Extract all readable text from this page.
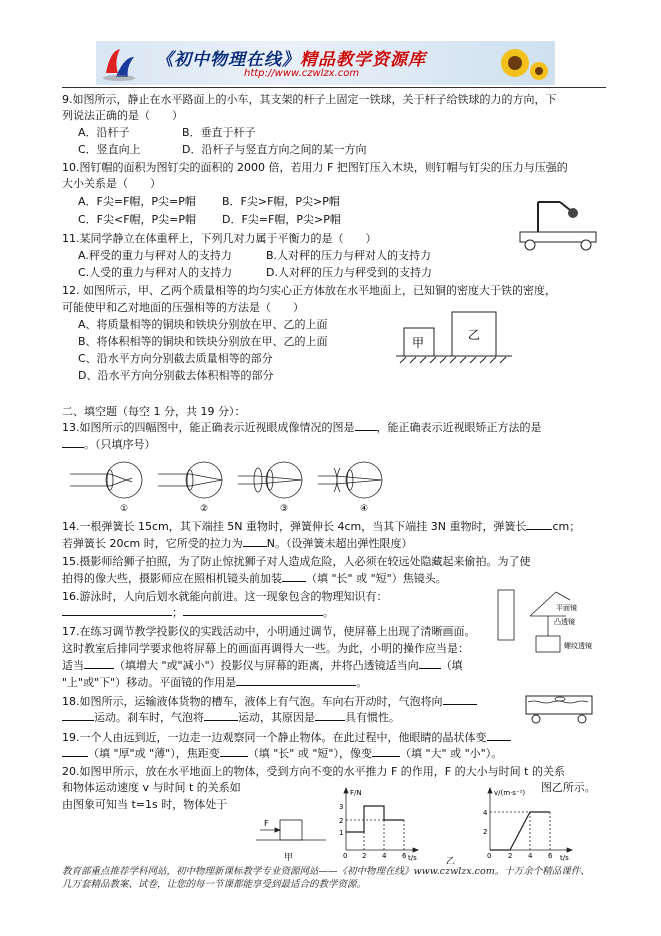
《初中物理在线》精品教学资源库
http://www.czwlzx.com
9.如图所示，静止在水平路面上的小车，其支架的杆子上固定一铁球，关于杆子给铁球的力的方向，下
列说法正确的是（　　）
A．沿杆子	B．垂直于杆子
C．竖直向上	D．沿杆子与竖直方向之间的某一方向
10.图钉帽的面积为图钉尖的面积的 2000 倍，若用力 F 把图钉压入木块，则钉帽与钉尖的压力与压强的
大小关系是（　　）
A．F尖=F帽，P尖=P帽 B．F尖>F帽，P尖>P帽
C．F尖<F帽，P尖=P帽 D．F尖=F帽，P尖>P帽
11.某同学静立在体重秤上，下列几对力属于平衡力的是（　　）
A.秤受的重力与秤对人的支持力	B.人对秤的压力与秤对人的支持力
C.人受的重力与秤对人的支持力	D.人对秤的压力与秤受到的支持力
12. 如图所示，甲、乙两个质量相等的均匀实心正方体放在水平地面上，已知铜的密度大于铁的密度，
可能使甲和乙对地面的压强相等的方法是（　　）
A、将质量相等的铜块和铁块分别放在甲、乙的上面
B、将体积相等的铜块和铁块分别放在甲、乙的上面
C、沿水平方向分别截去质量相等的部分
D、沿水平方向分别截去体积相等的部分
甲
乙
二、填空题（每空 1 分，共 19 分）：
13.如图所示的四幅图中，能正确表示近视眼成像情况的图是 ，能正确表示近视眼矫正方法的是
。（只填序号）
①	②	③	④
14.一根弹簧长 15cm，其下端挂 5N 重物时，弹簧伸长 4cm，当其下端挂 3N 重物时，弹簧长 cm；
若弹簧长 20cm 时，它所受的拉力为 N。（设弹簧未超出弹性限度）
15.摄影师给狮子拍照，为了防止惊扰狮子对人造成危险，人必须在较远处隐藏起来偷拍。为了使
拍得的像大些，摄影师应在照相机镜头前加装 （填 "长" 或 "短"）焦镜头。
16.游泳时，人向后划水就能向前进。这一现象包含的物理知识有：
；	。	平面镜
凸透镜
螺纹透镜
17.在练习调节教学投影仪的实践活动中，小明通过调节，使屏幕上出现了清晰画面。
这时教室后排同学要求他将屏幕上的画面再调得大一些。为此，小明的操作应当是：
适当	（填增大 "或"减小"）投影仪与屏幕的距离，并将凸透镜适当向 （填
"上"或"下"）移动。平面镜的作用是	。
18.如图所示，运输液体货物的槽车，液体上有气泡。车向右开动时，气泡将向
运动。刹车时，气泡将	运动，其原因是	具有惯性。
19.一个人由远到近，一边走一边观察同一个静止物体。在此过程中，他眼睛的晶状体变
（填 "厚"或 "薄"），焦距变	（填 "长" 或 "短"），像变	（填 "大" 或 "小"）。
20.如图甲所示，放在水平地面上的物体，受到方向不变的水平推力 F 的作用，F 的大小与时间 t 的关系
和物体运动速度 v 与时间 t 的关系如	图乙所示。
由图象可知当 t=1s 时，物体处于
F
甲
F/N
t/s
1
2
3
0 2 4 6
v/(m·s⁻¹)
t/s
2
4
0 2 4 6
乙
教育部重点推荐学科网站，初中物理新课标教学专业资源网站——《初中物理在线》www.czwlzx.com。十万余个精品课件、
几万套精品教案、试卷，让您的每一节课都能享受到最适合的教学资源。
